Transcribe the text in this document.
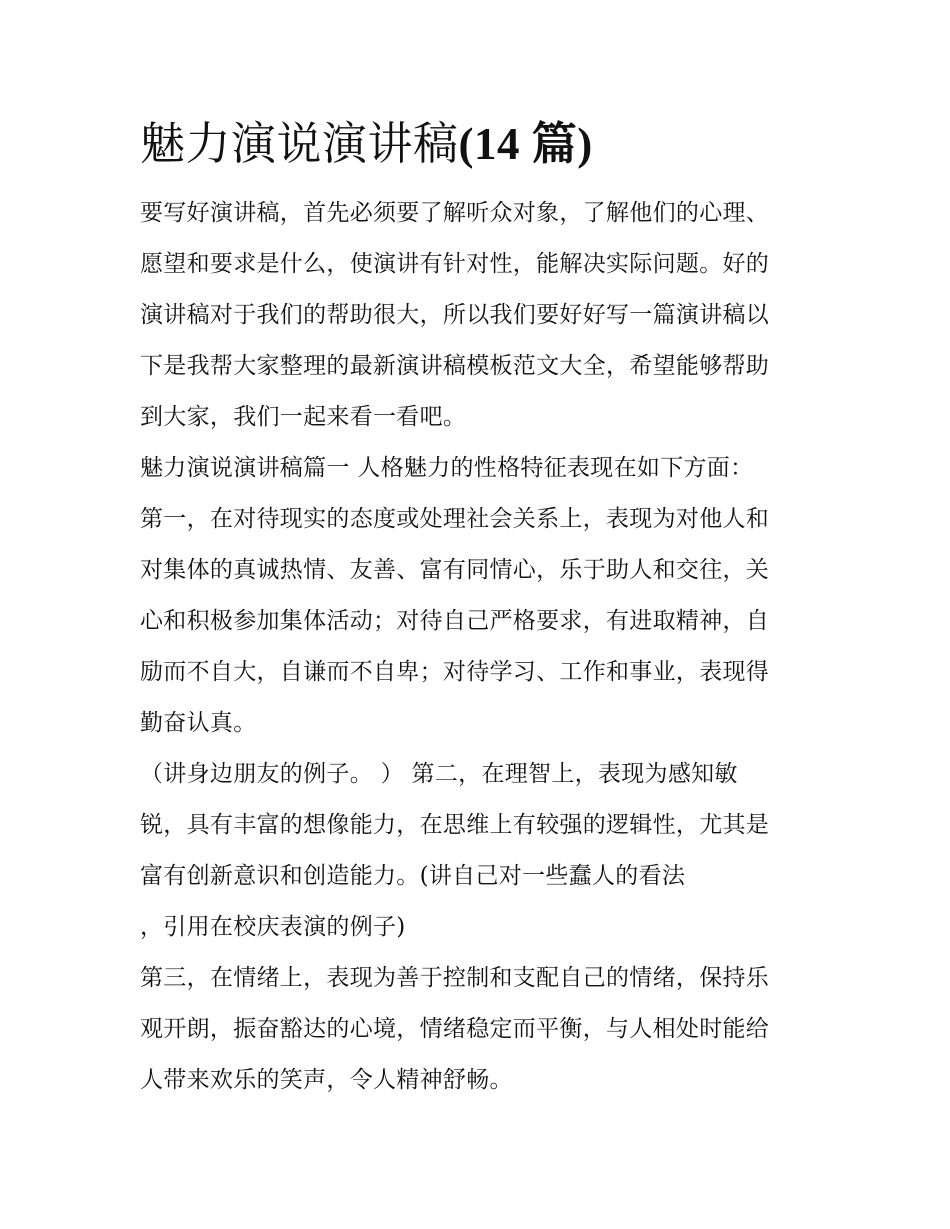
魅力演说演讲稿(14 篇)
要写好演讲稿，首先必须要了解听众对象，了解他们的心理、
愿望和要求是什么，使演讲有针对性，能解决实际问题。好的
演讲稿对于我们的帮助很大，所以我们要好好写一篇演讲稿以
下是我帮大家整理的最新演讲稿模板范文大全，希望能够帮助
到大家，我们一起来看一看吧。
魅力演说演讲稿篇一 人格魅力的性格特征表现在如下方面：
第一，在对待现实的态度或处理社会关系上，表现为对他人和
对集体的真诚热情、友善、富有同情心，乐于助人和交往，关
心和积极参加集体活动；对待自己严格要求，有进取精神，自
励而不自大，自谦而不自卑；对待学习、工作和事业，表现得
勤奋认真。
（讲身边朋友的例子。 ） 第二，在理智上，表现为感知敏
锐，具有丰富的想像能力，在思维上有较强的逻辑性，尤其是
富有创新意识和创造能力。(讲自己对一些蠢人的看法
，引用在校庆表演的例子)
第三，在情绪上，表现为善于控制和支配自己的情绪，保持乐
观开朗，振奋豁达的心境，情绪稳定而平衡，与人相处时能给
人带来欢乐的笑声，令人精神舒畅。
